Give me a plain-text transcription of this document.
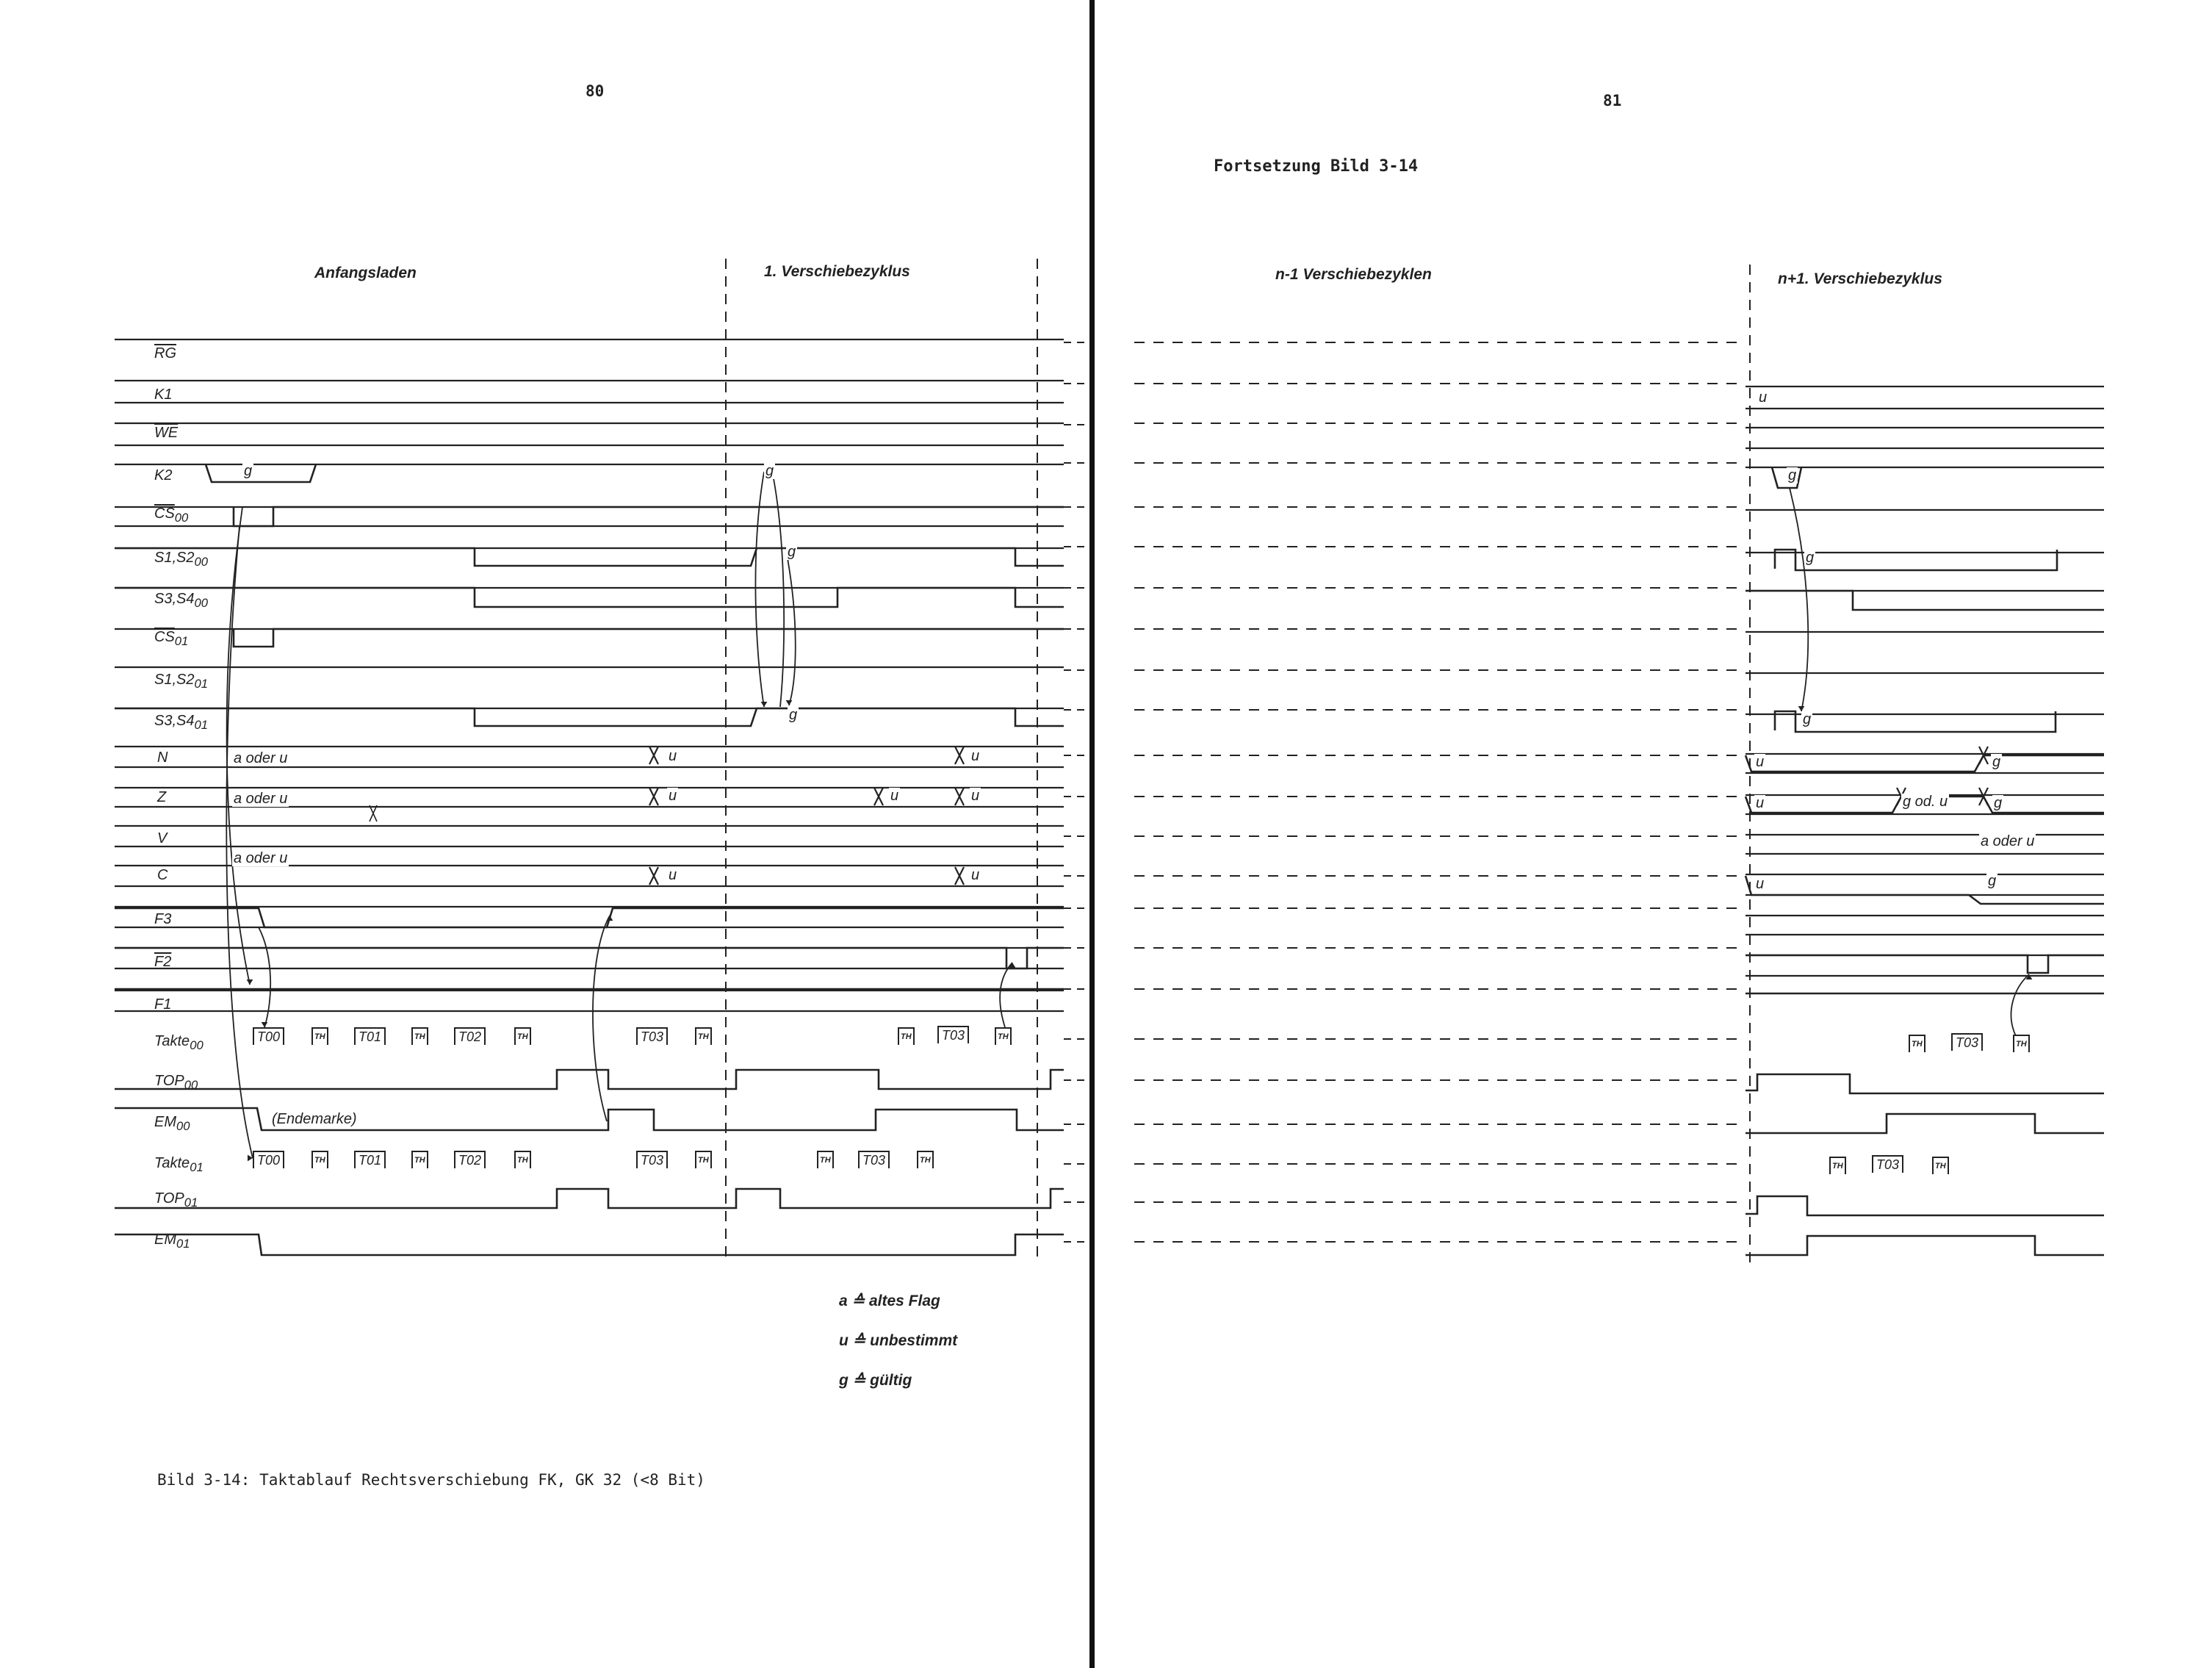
80
81
Fortsetzung Bild 3-14
Anfangsladen	1. Verschiebezyklus	n-1 Verschiebezyklen	n+1. Verschiebezyklus
$\overline{RG}$
K1
$\overline{WE}$
K2
$\overline{CS}_{00}$
$S1,S2_{00}$
$S3,S4_{00}$
$\overline{CS}_{01}$
$S1,S2_{01}$
$S3,S4_{01}$
N
Z
V
C
F3
F2
F1
Takte$_{00}$
$TOP_{00}$
$EM_{00}$
Takte$_{01}$
$TOP_{01}$
$EM_{01}$
g	g
g
g
a oder u	u	u
a oder u	u	u	u
a oder u
u	u
(Endemarke)
u
g
g
g
u	g
u	g od. u	g
a oder u
u	g
T00	TH	T01	TH	T02	TH	T03	TH	TH	T03	TH
T00	TH	T01	TH	T02	TH	T03	TH	TH	T03	TH
TH	T03	TH
TH	T03	TH
a ≙ altes Flag
u ≙ unbestimmt
g ≙ gültig
Bild 3-14: Taktablauf Rechtsverschiebung FK, GK 32 (<8 Bit)
